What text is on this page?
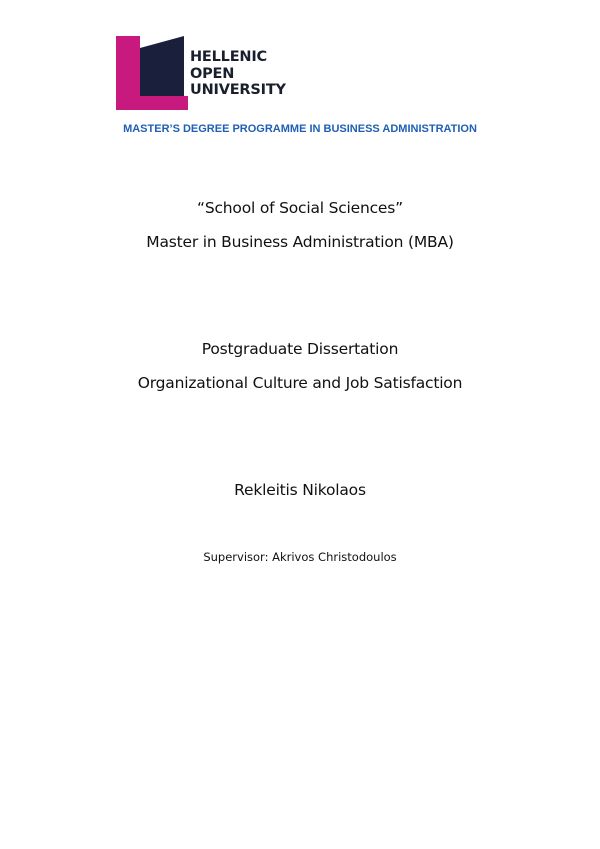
HELLENIC
OPEN
UNIVERSITY
MASTER’S DEGREE PROGRAMME IN BUSINESS ADMINISTRATION
“School of Social Sciences”
Master in Business Administration (MBA)
Postgraduate Dissertation
Organizational Culture and Job Satisfaction
Rekleitis Nikolaos
Supervisor: Akrivos Christodoulos
